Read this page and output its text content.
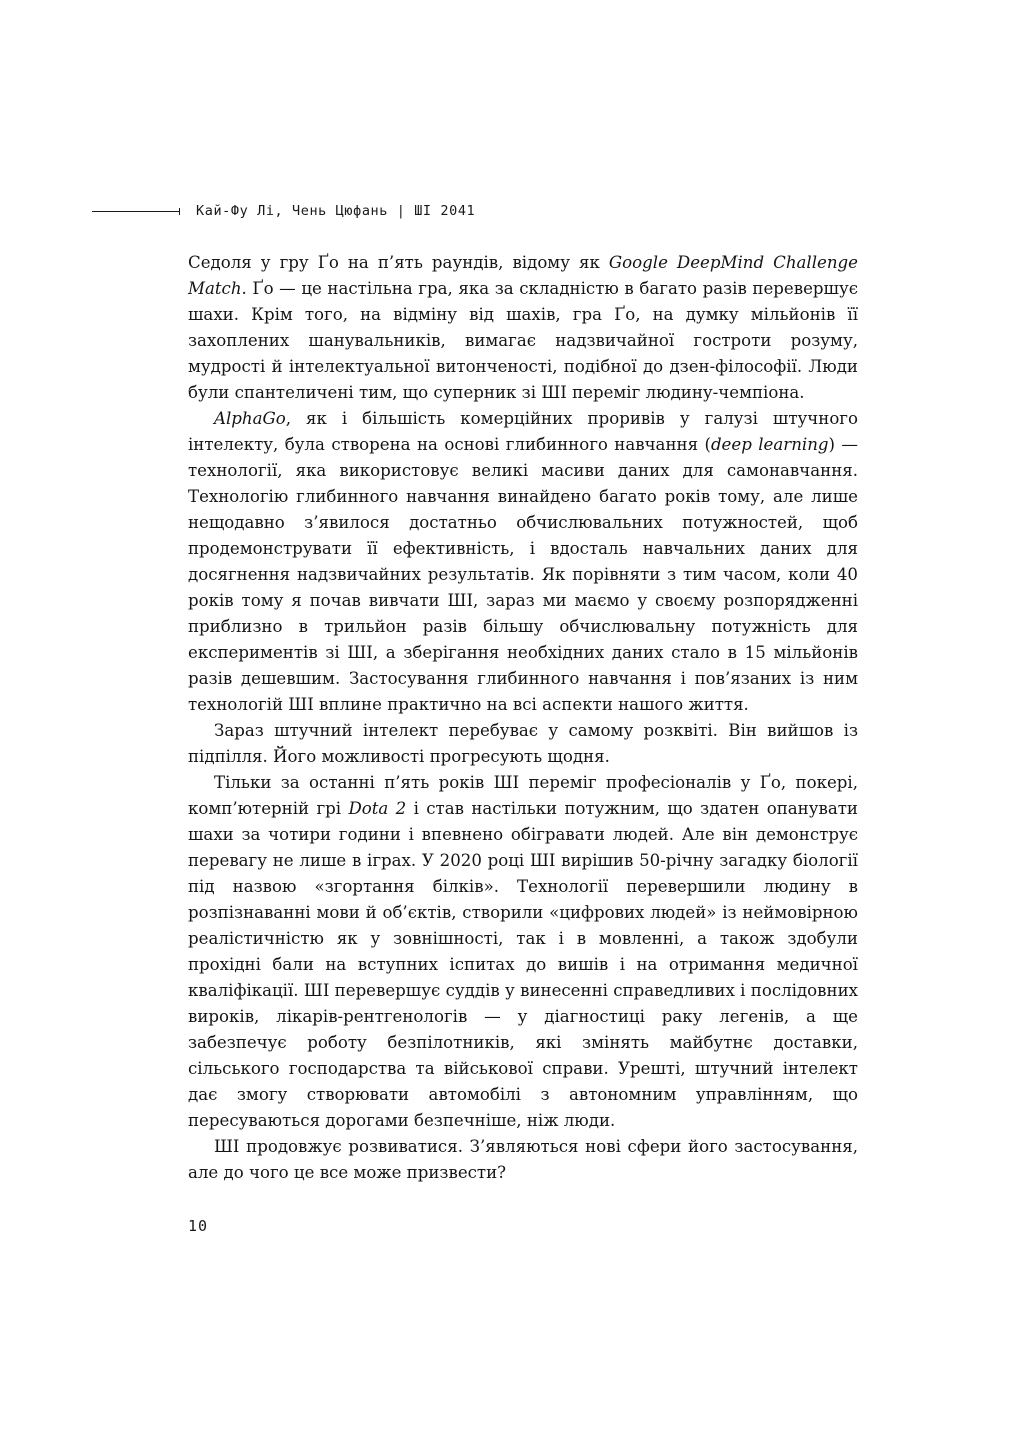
Кай-Фу Лі, Чень Цюфань | ШІ 2041

Седоля у гру Ґо на п’ять раундів, відому як Google DeepMind Challenge Match. Ґо — це настільна гра, яка за складністю в багато разів перевершує шахи. Крім того, на відміну від шахів, гра Ґо, на думку мільйонів її захоплених шанувальників, вимагає надзвичайної гостроти розуму, мудрості й інтелектуальної витонченості, подібної до дзен-філософії. Люди були спантеличені тим, що суперник зі ШІ переміг людину-чемпіона.

AlphaGo, як і більшість комерційних проривів у галузі штучного інтелекту, була створена на основі глибинного навчання (deep learning) — технології, яка використовує великі масиви даних для самонавчання. Технологію глибинного навчання винайдено багато років тому, але лише нещодавно з’явилося достатньо обчислювальних потужностей, щоб продемонструвати її ефективність, і вдосталь навчальних даних для досягнення надзвичайних результатів. Як порівняти з тим часом, коли 40 років тому я почав вивчати ШІ, зараз ми маємо у своєму розпорядженні приблизно в трильйон разів більшу обчислювальну потужність для експериментів зі ШІ, а зберігання необхідних даних стало в 15 мільйонів разів дешевшим. Застосування глибинного навчання і пов’язаних із ним технологій ШІ вплине практично на всі аспекти нашого життя.

Зараз штучний інтелект перебуває у самому розквіті. Він вийшов із підпілля. Його можливості прогресують щодня.

Тільки за останні п’ять років ШІ переміг професіоналів у Ґо, покері, комп’ютерній грі Dota 2 і став настільки потужним, що здатен опанувати шахи за чотири години і впевнено обігравати людей. Але він демонструє перевагу не лише в іграх. У 2020 році ШІ вирішив 50-річну загадку біології під назвою «згортання білків». Технології перевершили людину в розпізнаванні мови й об’єктів, створили «цифрових людей» із неймовірною реалістичністю як у зовнішності, так і в мовленні, а також здобули прохідні бали на вступних іспитах до вишів і на отримання медичної кваліфікації. ШІ перевершує суддів у винесенні справедливих і послідовних вироків, лікарів-рентгенологів — у діагностиці раку легенів, а ще забезпечує роботу безпілотників, які змінять майбутнє доставки, сільського господарства та військової справи. Урешті, штучний інтелект дає змогу створювати автомобілі з автономним управлінням, що пересуваються дорогами безпечніше, ніж люди.

ШІ продовжує розвиватися. З’являються нові сфери його застосування, але до чого це все може призвести?

10
